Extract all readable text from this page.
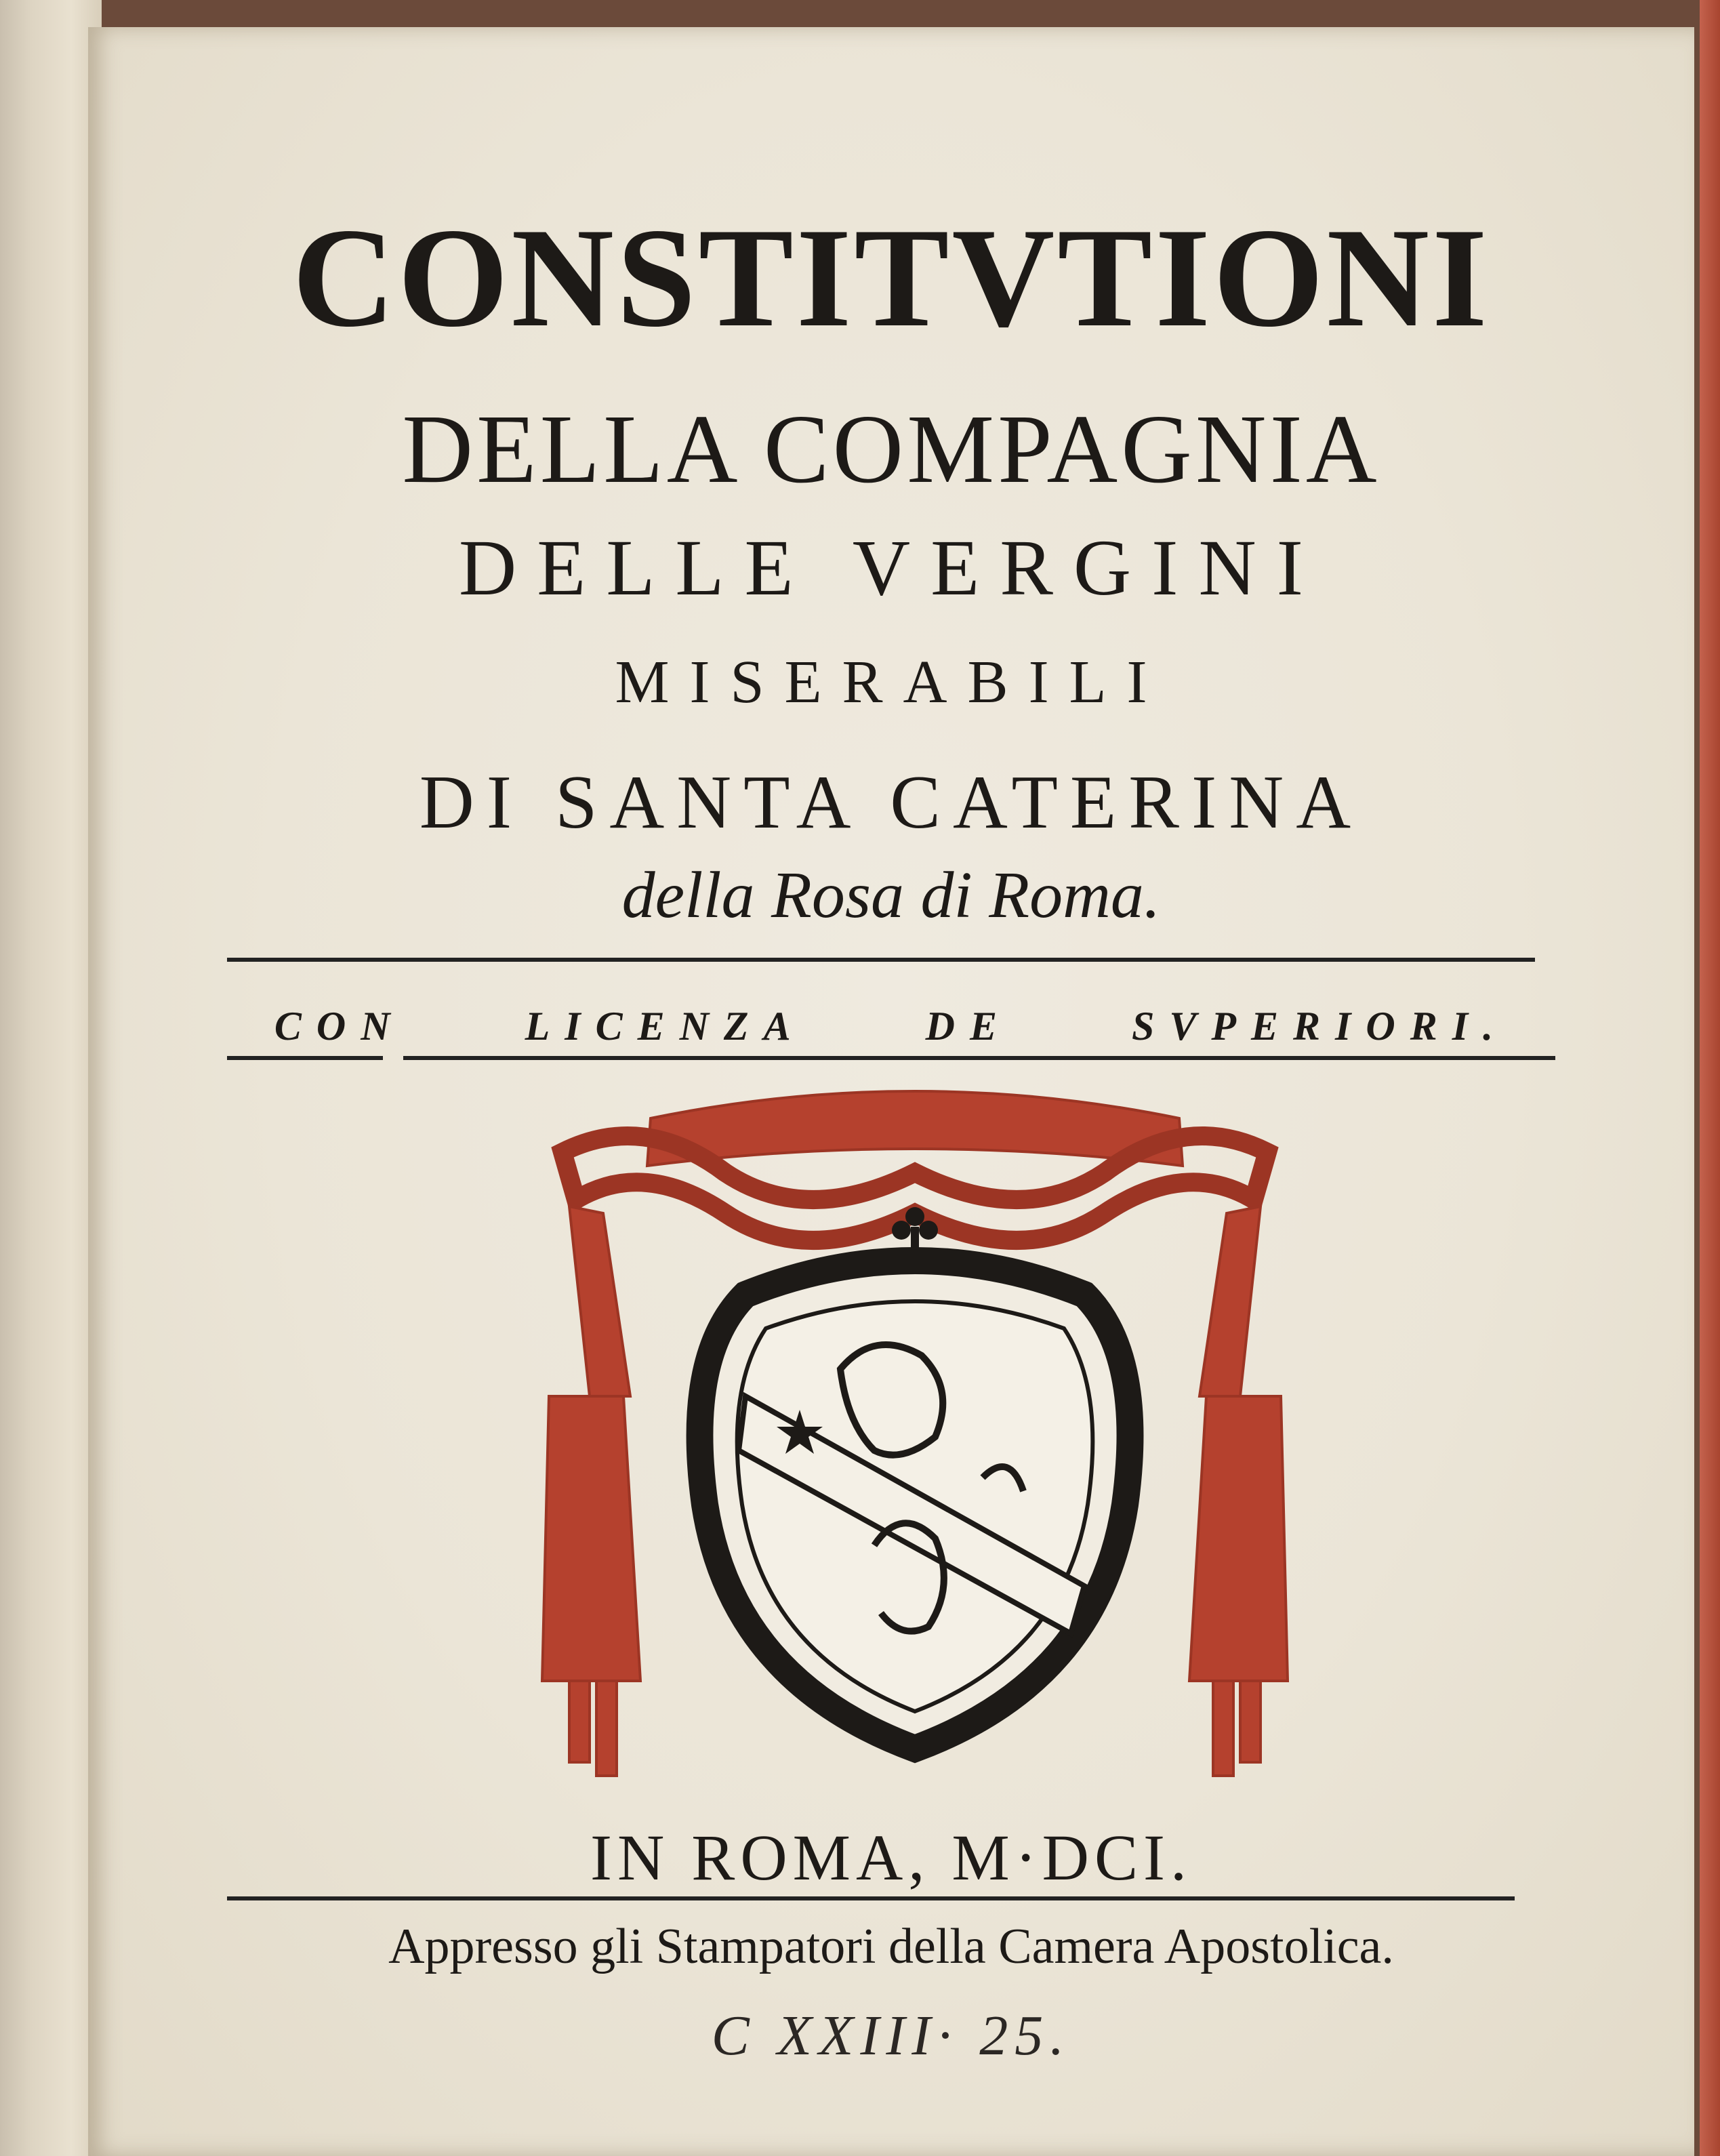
CONSTITVTIONI
DELLA COMPAGNIA
DELLE VERGINI
MISERABILI
DI SANTA CATERINA
della Rosa di Roma.
CON	LICENZA	DE	SVPERIORI.
IN ROMA, M·DCI.
Appresso gli Stampatori della Camera Apostolica.
C XXIII· 25.
